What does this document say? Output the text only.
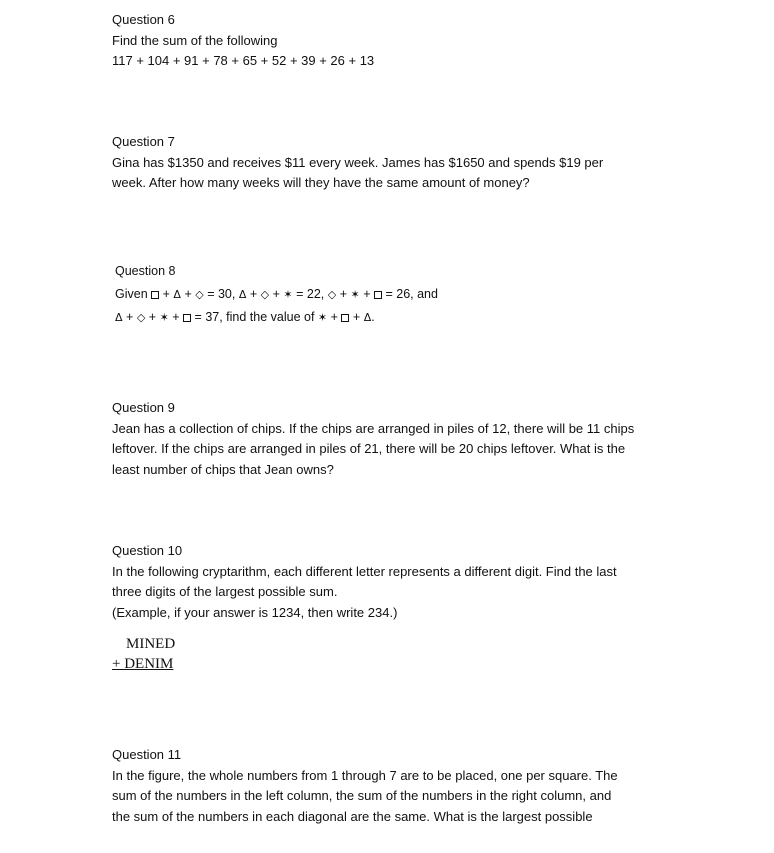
Question 6

Find the sum of the following

117 + 104 + 91 + 78 + 65 + 52 + 39 + 26 + 13

Question 7

Gina has $1350 and receives $11 every week. James has $1650 and spends $19 per

week. After how many weeks will they have the same amount of money?

Question 8

Given + Δ + ◇ = 30, Δ + ◇ + ✶ = 22, ◇ + ✶ + = 26, and

Δ + ◇ + ✶ + = 37, find the value of ✶ + + Δ.

Question 9

Jean has a collection of chips. If the chips are arranged in piles of 12, there will be 11 chips

leftover. If the chips are arranged in piles of 21, there will be 20 chips leftover. What is the

least number of chips that Jean owns?

Question 10

In the following cryptarithm, each different letter represents a different digit. Find the last

three digits of the largest possible sum.

(Example, if your answer is 1234, then write 234.)

MINED
+ DENIM

Question 11

In the figure, the whole numbers from 1 through 7 are to be placed, one per square. The

sum of the numbers in the left column, the sum of the numbers in the right column, and

the sum of the numbers in each diagonal are the same. What is the largest possible
